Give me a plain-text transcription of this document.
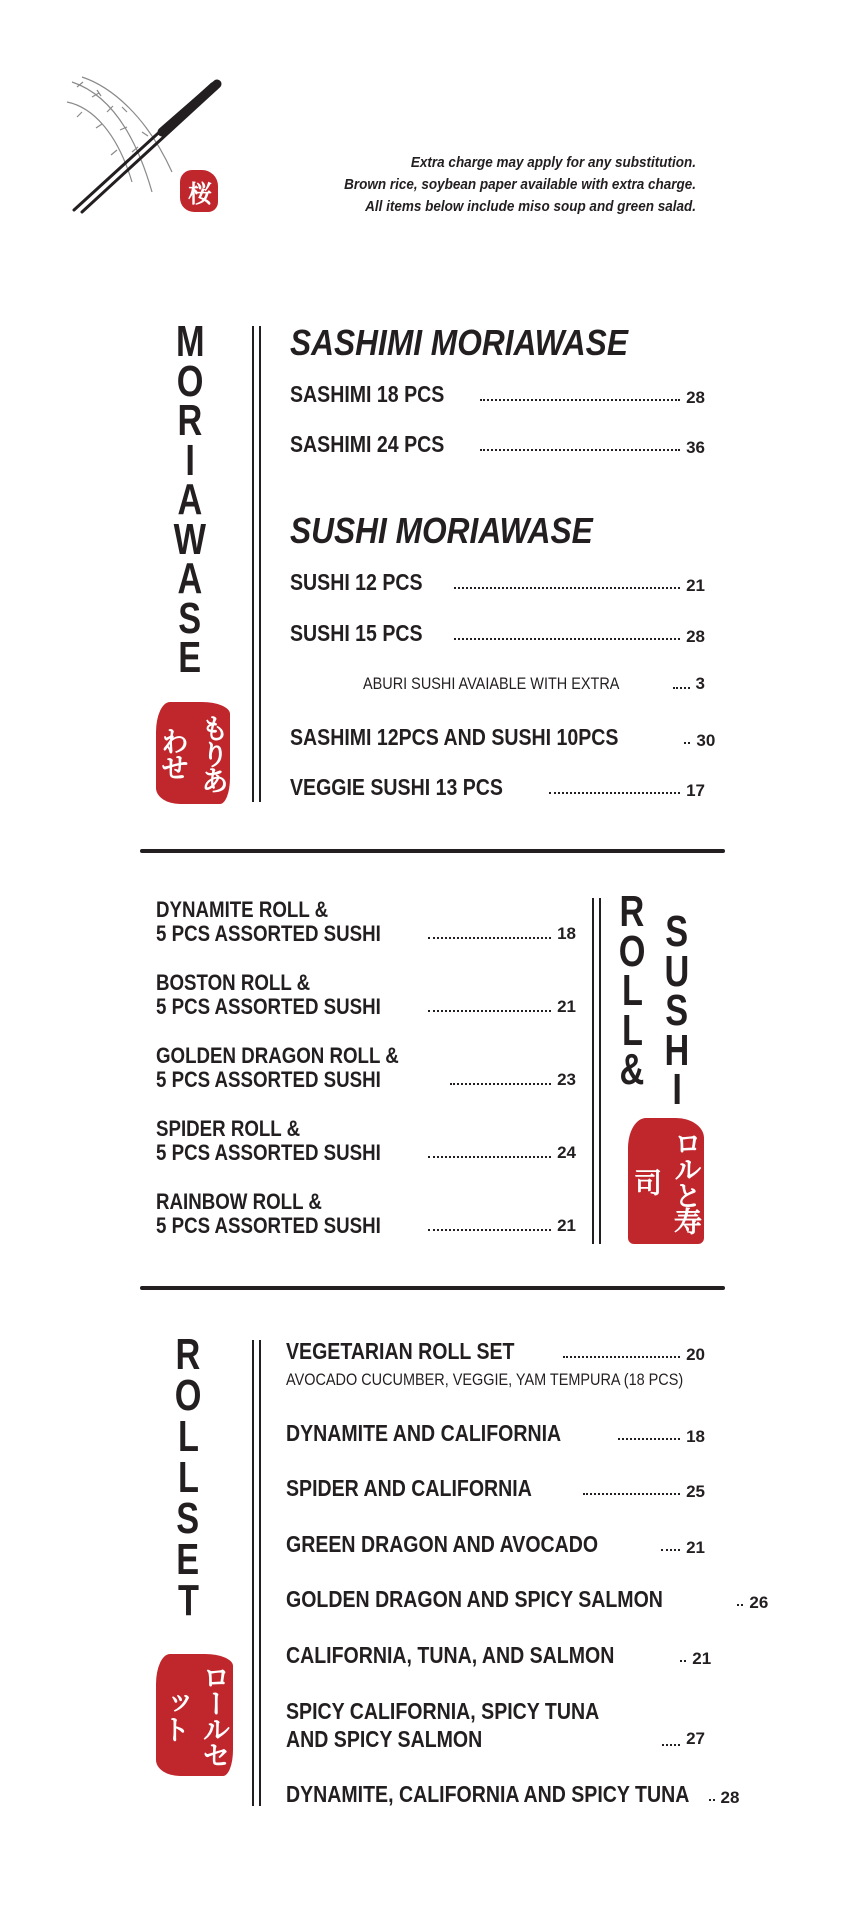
桜
Extra charge may apply for any substitution.
Brown rice, soybean paper available with extra charge.
All items below include miso soup and green salad.
M
O
R
I
A
W
A
S
E
もりあわせ
SASHIMI MORIAWASE
SASHIMI 18 PCS	28
SASHIMI 24 PCS	36
SUSHI MORIAWASE
SUSHI 12 PCS	21
SUSHI 15 PCS	28
ABURI SUSHI AVAIABLE WITH EXTRA	3
SASHIMI 12PCS AND SUSHI 10PCS	30
VEGGIE SUSHI 13 PCS	17
DYNAMITE ROLL &
5 PCS ASSORTED SUSHI	18
BOSTON ROLL &
5 PCS ASSORTED SUSHI	21
GOLDEN DRAGON ROLL &
5 PCS ASSORTED SUSHI	23
SPIDER ROLL &
5 PCS ASSORTED SUSHI	24
RAINBOW ROLL &
5 PCS ASSORTED SUSHI	21
R
O
L
L
&
S
U
S
H
I
ロルと寿司
R
O
L
L
S
E
T
ロールセット
VEGETARIAN ROLL SET	20
AVOCADO CUCUMBER, VEGGIE, YAM TEMPURA (18 PCS)
DYNAMITE AND CALIFORNIA	18
SPIDER AND CALIFORNIA	25
GREEN DRAGON AND AVOCADO	21
GOLDEN DRAGON AND SPICY SALMON	26
CALIFORNIA, TUNA, AND SALMON	21
SPICY CALIFORNIA, SPICY TUNA
AND SPICY SALMON	27
DYNAMITE, CALIFORNIA AND SPICY TUNA	28
